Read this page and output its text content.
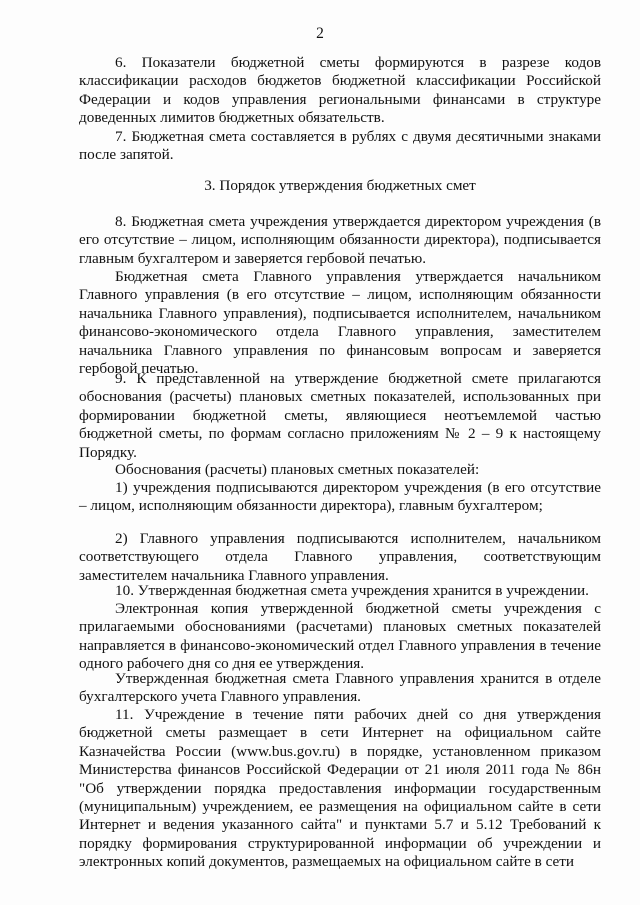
2

6. Показатели бюджетной сметы формируются в разрезе кодов классификации расходов бюджетов бюджетной классификации Российской Федерации и кодов управления региональными финансами в структуре доведенных лимитов бюджетных обязательств.

7. Бюджетная смета составляется в рублях с двумя десятичными знаками после запятой.

3. Порядок утверждения бюджетных смет

8. Бюджетная смета учреждения утверждается директором учреждения (в его отсутствие – лицом, исполняющим обязанности директора), подписывается главным бухгалтером и заверяется гербовой печатью.

Бюджетная смета Главного управления утверждается начальником Главного управления (в его отсутствие – лицом, исполняющим обязанности начальника Главного управления), подписывается исполнителем, начальником финансово-экономического отдела Главного управления, заместителем начальника Главного управления по финансовым вопросам и заверяется гербовой печатью.

9. К представленной на утверждение бюджетной смете прилагаются обоснования (расчеты) плановых сметных показателей, использованных при формировании бюджетной сметы, являющиеся неотъемлемой частью бюджетной сметы, по формам согласно приложениям № 2 – 9 к настоящему Порядку.

Обоснования (расчеты) плановых сметных показателей:

1) учреждения подписываются директором учреждения (в его отсутствие – лицом, исполняющим обязанности директора), главным бухгалтером;

2) Главного управления подписываются исполнителем, начальником соответствующего отдела Главного управления, соответствующим заместителем начальника Главного управления.

10. Утвержденная бюджетная смета учреждения хранится в учреждении.

Электронная копия утвержденной бюджетной сметы учреждения с прилагаемыми обоснованиями (расчетами) плановых сметных показателей направляется в финансово-экономический отдел Главного управления в течение одного рабочего дня со дня ее утверждения.

Утвержденная бюджетная смета Главного управления хранится в отделе бухгалтерского учета Главного управления.

11. Учреждение в течение пяти рабочих дней со дня утверждения бюджетной сметы размещает в сети Интернет на официальном сайте Казначейства России (www.bus.gov.ru) в порядке, установленном приказом Министерства финансов Российской Федерации от 21 июля 2011 года № 86н "Об утверждении порядка предоставления информации государственным (муниципальным) учреждением, ее размещения на официальном сайте в сети Интернет и ведения указанного сайта" и пунктами 5.7 и 5.12 Требований к порядку формирования структурированной информации об учреждении и электронных копий документов, размещаемых на официальном сайте в сети
